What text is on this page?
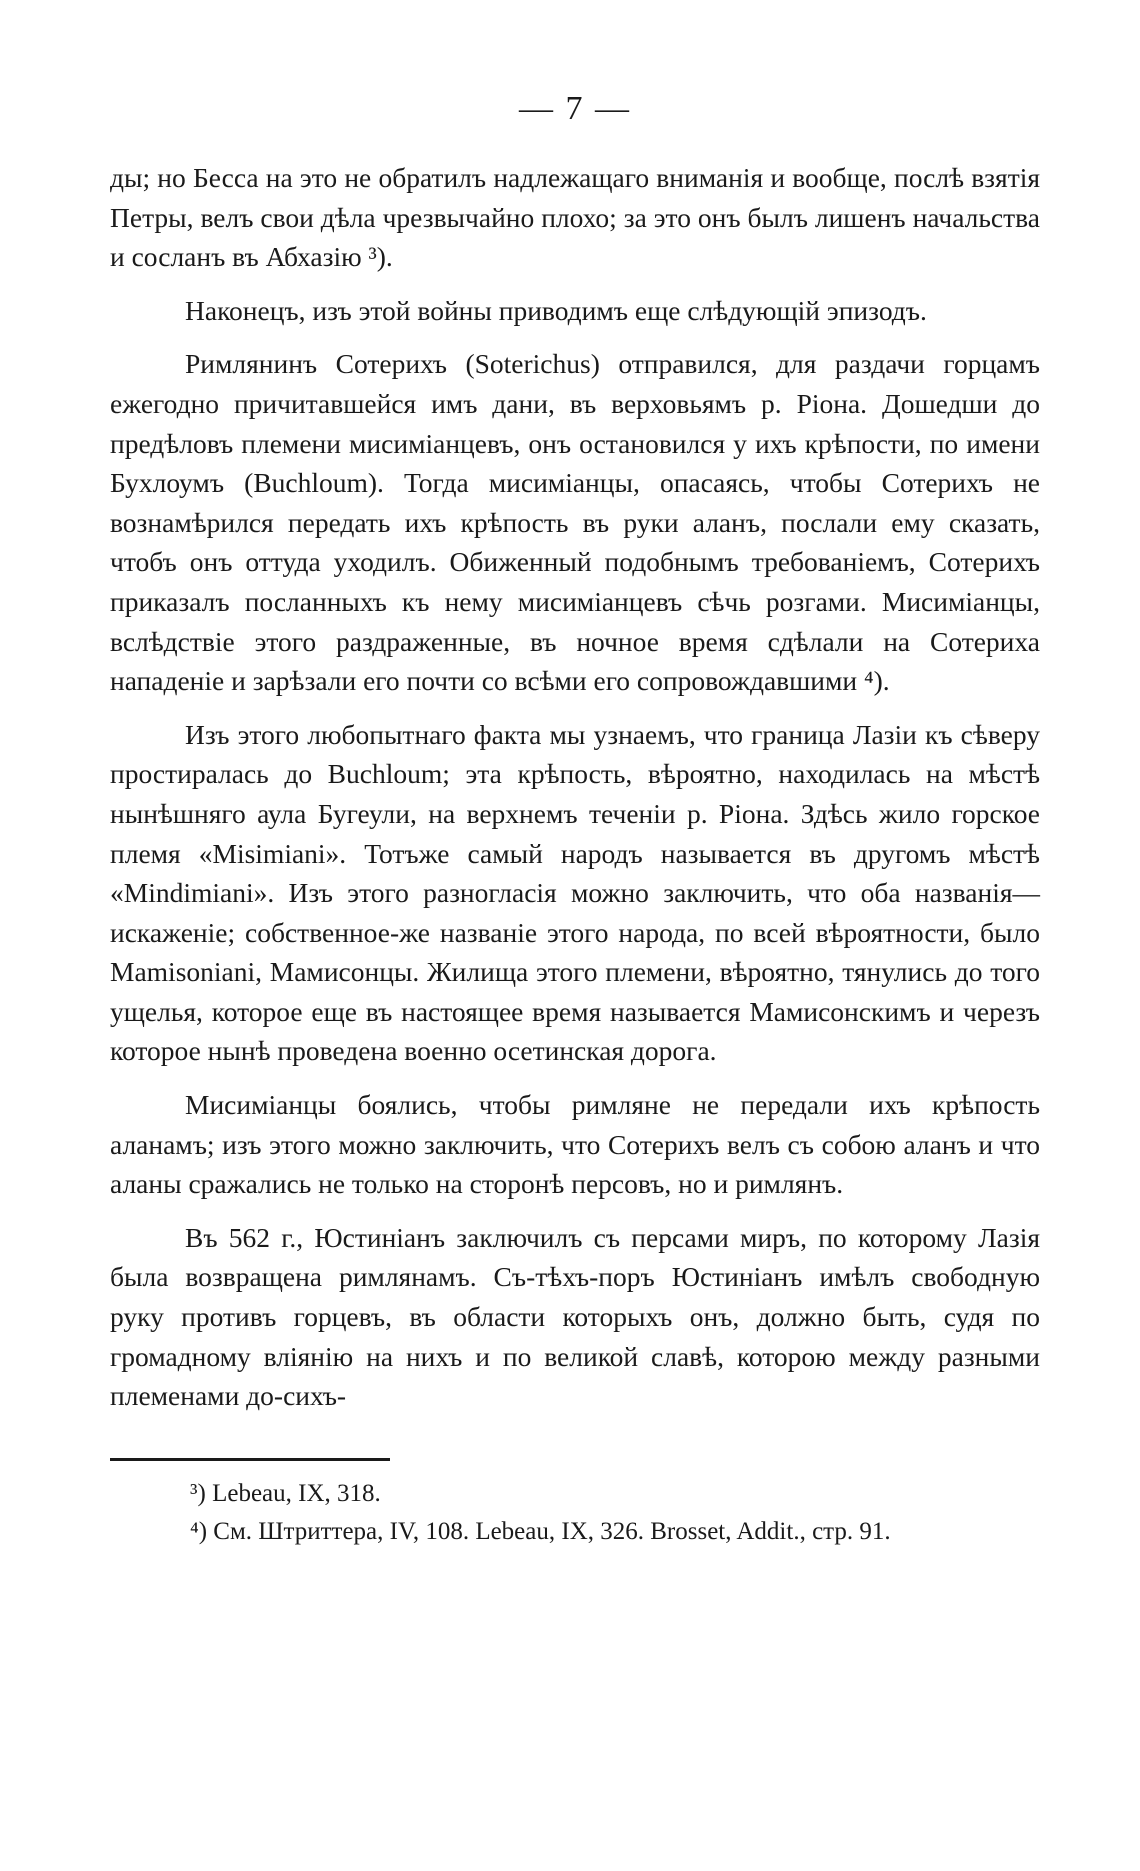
— 7 —

ды; но Бесса на это не обратилъ надлежащаго вниманія и вообще, послѣ взятія Петры, велъ свои дѣла чрезвычайно плохо; за это онъ былъ лишенъ начальства и сосланъ въ Абхазію ³).

Наконецъ, изъ этой войны приводимъ еще слѣдующій эпизодъ.

Римлянинъ Сотерихъ (Soterichus) отправился, для раздачи горцамъ ежегодно причитавшейся имъ дани, въ верховьямъ р. Ріона. Дошедши до предѣловъ племени мисиміанцевъ, онъ остановился у ихъ крѣпости, по имени Бухлоумъ (Buchloum). Тогда мисиміанцы, опасаясь, чтобы Сотерихъ не вознамѣрился передать ихъ крѣпость въ руки аланъ, послали ему сказать, чтобъ онъ оттуда уходилъ. Обиженный подобнымъ требованіемъ, Сотерихъ приказалъ посланныхъ къ нему мисиміанцевъ сѣчь розгами. Мисиміанцы, вслѣдствіе этого раздраженные, въ ночное время сдѣлали на Сотериха нападеніе и зарѣзали его почти со всѣми его сопровождавшими ⁴).

Изъ этого любопытнаго факта мы узнаемъ, что граница Лазіи къ сѣверу простиралась до Buchloum; эта крѣпость, вѣроятно, находилась на мѣстѣ нынѣшняго аула Бугеули, на верхнемъ теченіи р. Ріона. Здѣсь жило горское племя «Misimiani». Тотъже самый народъ называется въ другомъ мѣстѣ «Mindimiani». Изъ этого разногласія можно заключить, что оба названія—искаженіе; собственное-же названіе этого народа, по всей вѣроятности, было Mamisoniani, Мамисонцы. Жилища этого племени, вѣроятно, тянулись до того ущелья, которое еще въ настоящее время называется Мамисонскимъ и черезъ которое нынѣ проведена военно осетинская дорога.

Мисиміанцы боялись, чтобы римляне не передали ихъ крѣпость аланамъ; изъ этого можно заключить, что Сотерихъ велъ съ собою аланъ и что аланы сражались не только на сторонѣ персовъ, но и римлянъ.

Въ 562 г., Юстиніанъ заключилъ съ персами миръ, по которому Лазія была возвращена римлянамъ. Съ-тѣхъ-поръ Юстиніанъ имѣлъ свободную руку противъ горцевъ, въ области которыхъ онъ, должно быть, судя по громадному вліянію на нихъ и по великой славѣ, которою между разными племенами до-сихъ-

³) Lebeau, IX, 318.

⁴) См. Штриттера, IV, 108. Lebeau, IX, 326. Brosset, Addit., стр. 91.
